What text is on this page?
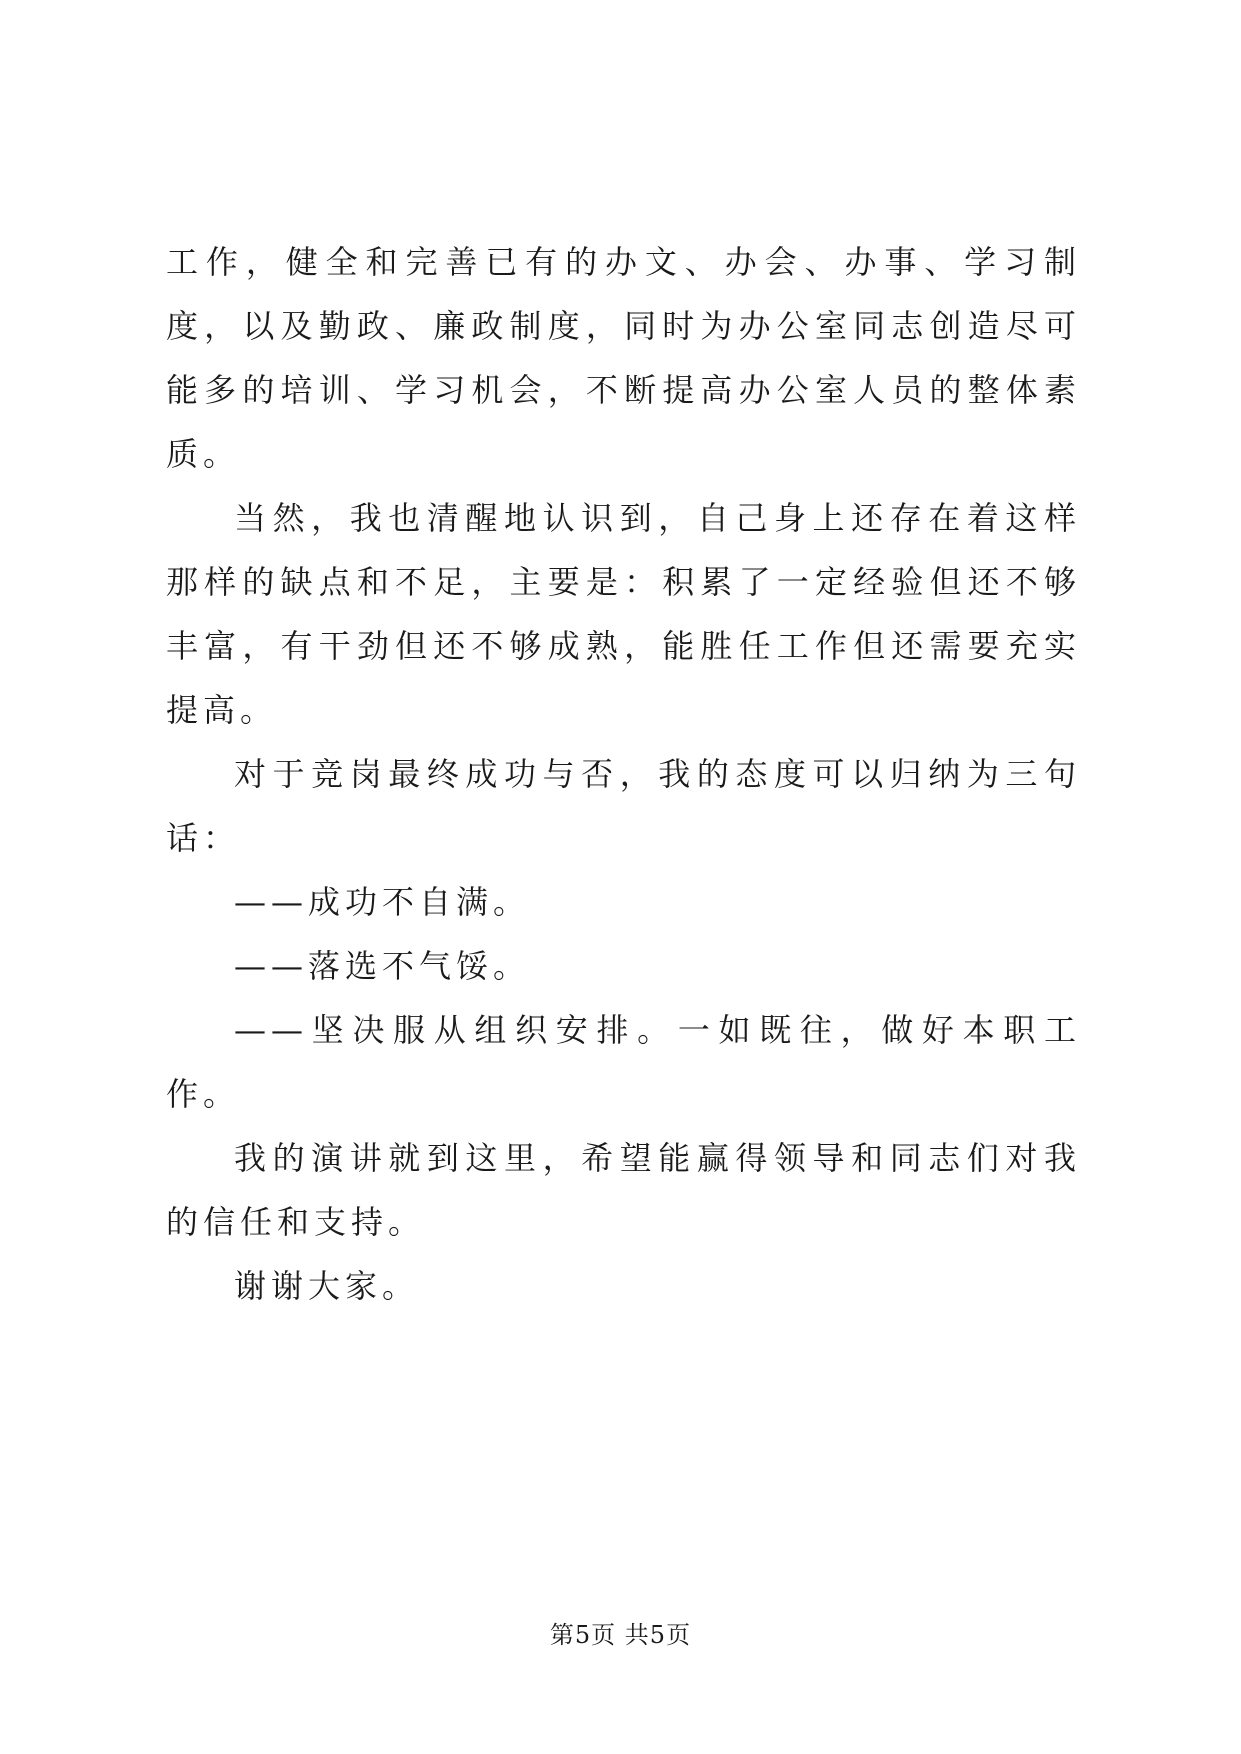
工作，健全和完善已有的办文、办会、办事、学习制度，以及勤政、廉政制度，同时为办公室同志创造尽可能多的培训、学习机会，不断提高办公室人员的整体素质。

当然，我也清醒地认识到，自己身上还存在着这样那样的缺点和不足，主要是：积累了一定经验但还不够丰富，有干劲但还不够成熟，能胜任工作但还需要充实提高。

对于竞岗最终成功与否，我的态度可以归纳为三句话：

——成功不自满。

——落选不气馁。

——坚决服从组织安排。一如既往，做好本职工作。

我的演讲就到这里，希望能赢得领导和同志们对我的信任和支持。

谢谢大家。

第5页 共5页
